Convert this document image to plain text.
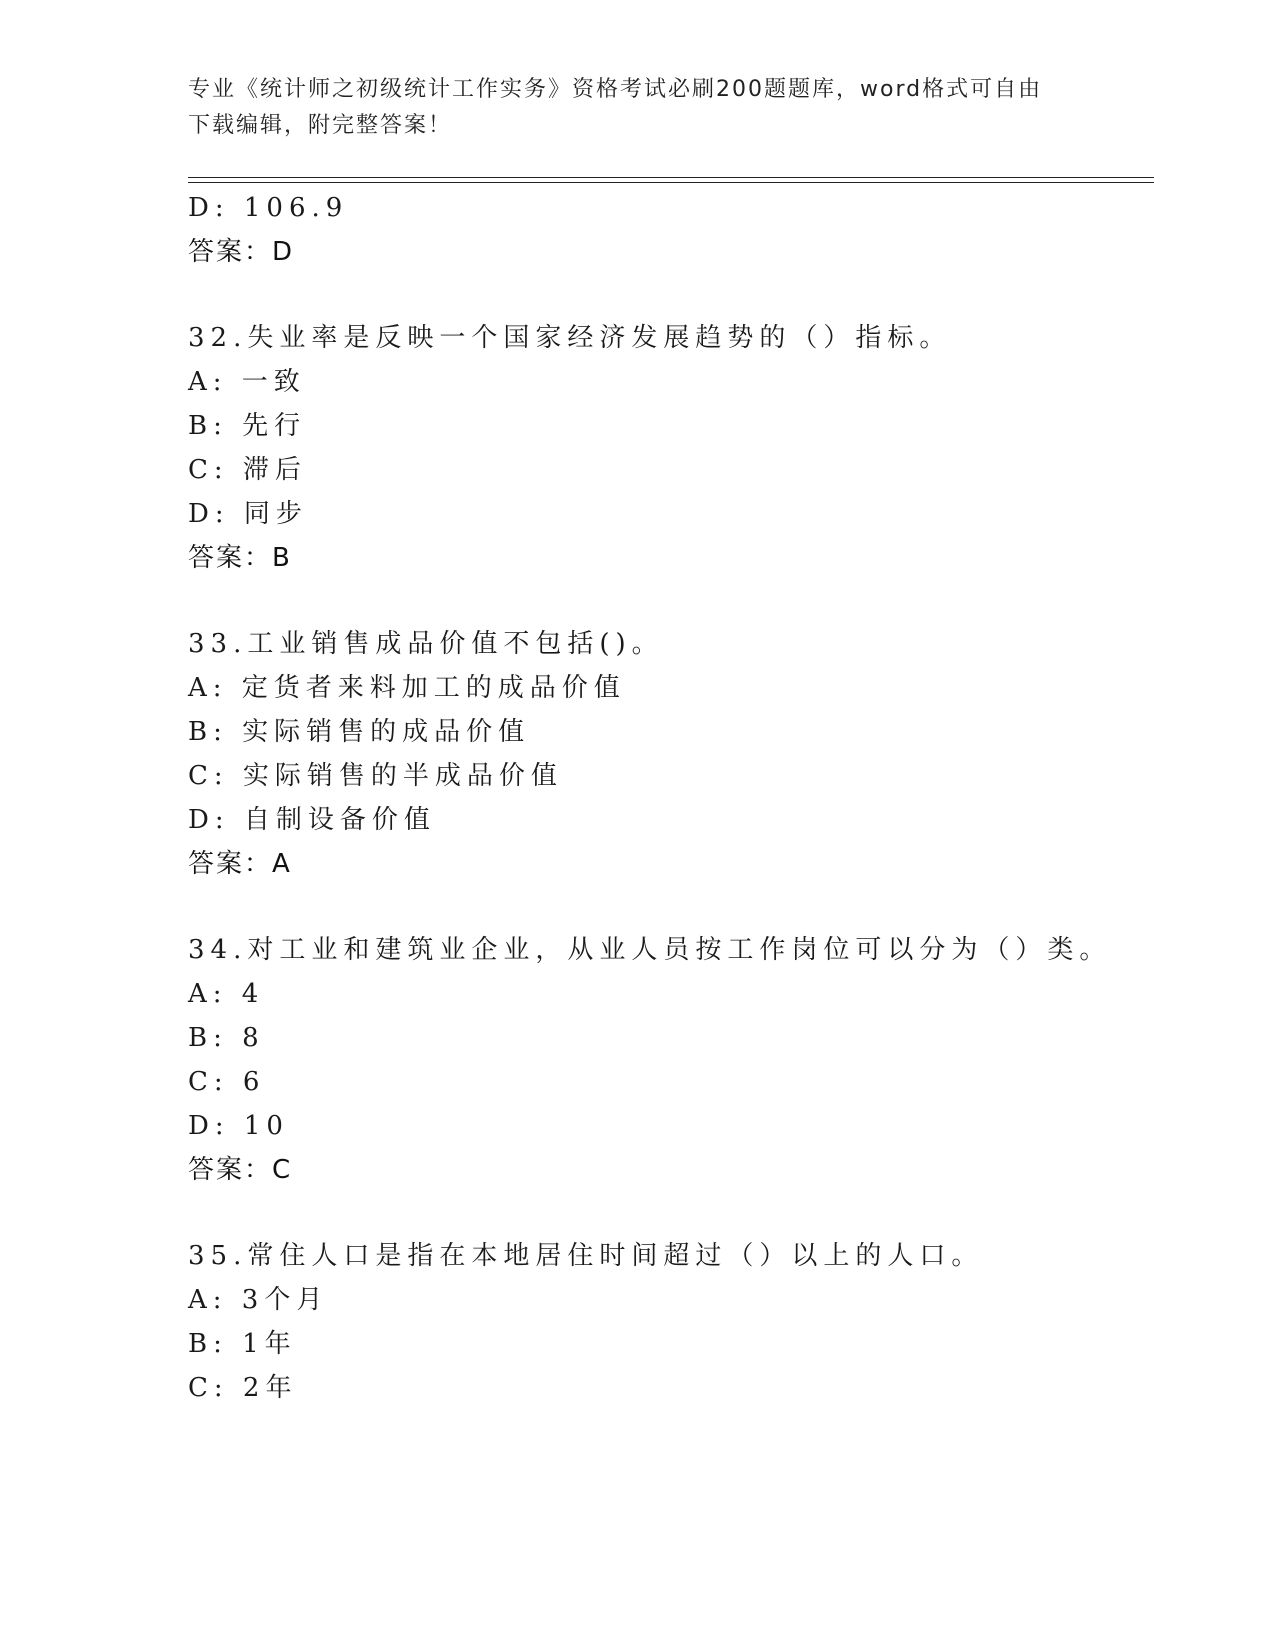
专业《统计师之初级统计工作实务》资格考试必刷200题题库，word格式可自由
下载编辑，附完整答案！
D: 106.9
答案：D
32.失业率是反映一个国家经济发展趋势的（）指标。
A: 一致
B: 先行
C: 滞后
D: 同步
答案：B
33.工业销售成品价值不包括()。
A: 定货者来料加工的成品价值
B: 实际销售的成品价值
C: 实际销售的半成品价值
D: 自制设备价值
答案：A
34.对工业和建筑业企业，从业人员按工作岗位可以分为（）类。
A: 4
B: 8
C: 6
D: 10
答案：C
35.常住人口是指在本地居住时间超过（）以上的人口。
A: 3个月
B: 1年
C: 2年
